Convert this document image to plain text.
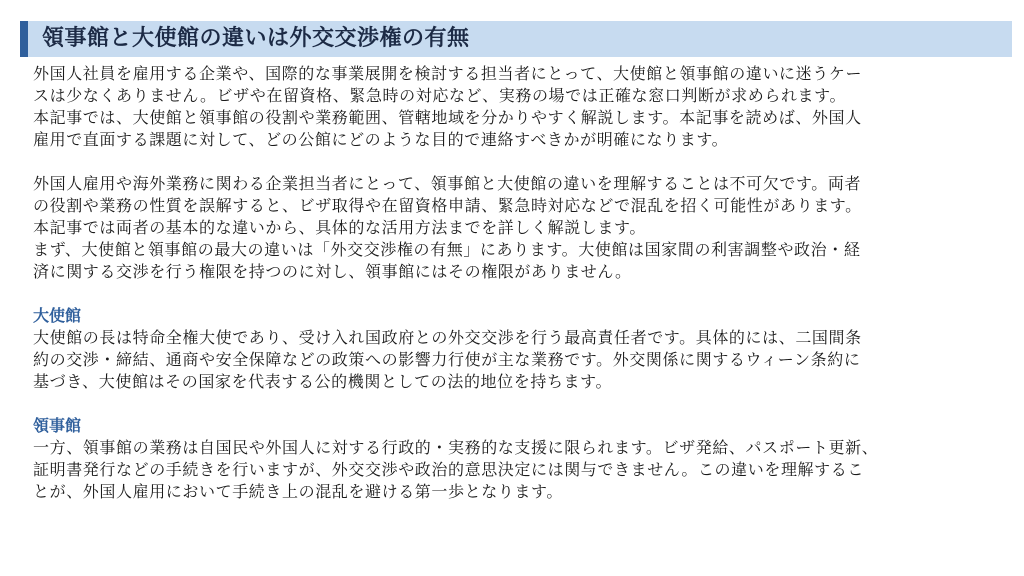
領事館と大使館の違いは外交交渉権の有無
外国人社員を雇用する企業や、国際的な事業展開を検討する担当者にとって、大使館と領事館の違いに迷うケー
スは少なくありません。ビザや在留資格、緊急時の対応など、実務の場では正確な窓口判断が求められます。
本記事では、大使館と領事館の役割や業務範囲、管轄地域を分かりやすく解説します。本記事を読めば、外国人
雇用で直面する課題に対して、どの公館にどのような目的で連絡すべきかが明確になります。
外国人雇用や海外業務に関わる企業担当者にとって、領事館と大使館の違いを理解することは不可欠です。両者
の役割や業務の性質を誤解すると、ビザ取得や在留資格申請、緊急時対応などで混乱を招く可能性があります。
本記事では両者の基本的な違いから、具体的な活用方法までを詳しく解説します。
まず、大使館と領事館の最大の違いは「外交交渉権の有無」にあります。大使館は国家間の利害調整や政治・経
済に関する交渉を行う権限を持つのに対し、領事館にはその権限がありません。
大使館
大使館の長は特命全権大使であり、受け入れ国政府との外交交渉を行う最高責任者です。具体的には、二国間条
約の交渉・締結、通商や安全保障などの政策への影響力行使が主な業務です。外交関係に関するウィーン条約に
基づき、大使館はその国家を代表する公的機関としての法的地位を持ちます。
領事館
一方、領事館の業務は自国民や外国人に対する行政的・実務的な支援に限られます。ビザ発給、パスポート更新、
証明書発行などの手続きを行いますが、外交交渉や政治的意思決定には関与できません。この違いを理解するこ
とが、外国人雇用において手続き上の混乱を避ける第一歩となります。
